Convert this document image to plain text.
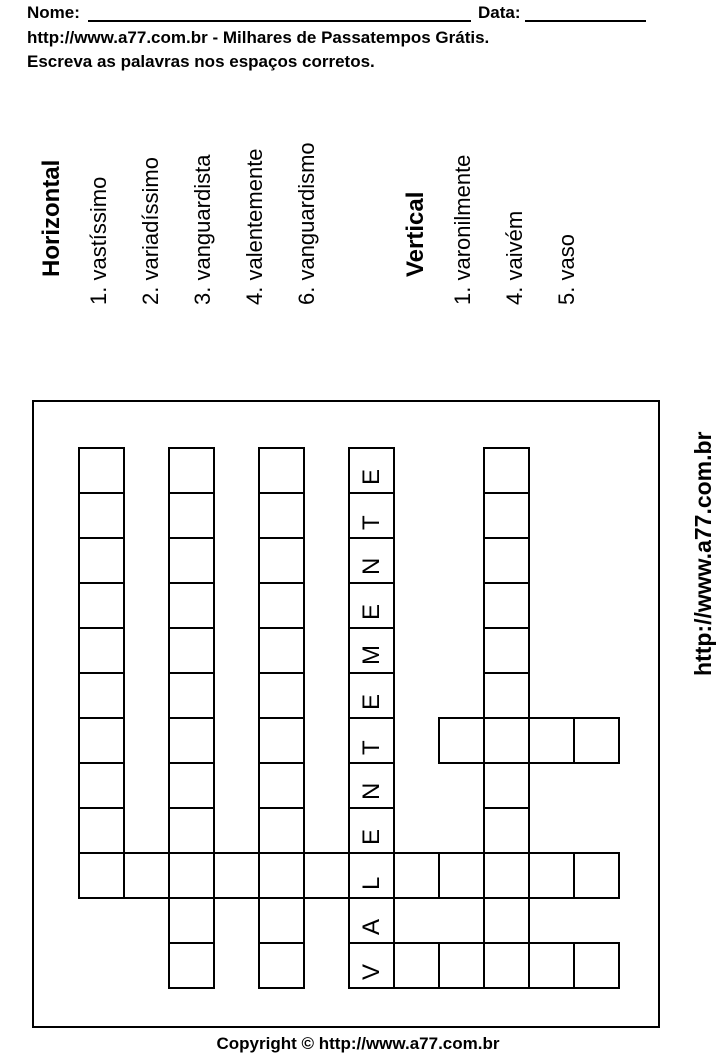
Nome:	Data:
http://www.a77.com.br - Milhares de Passatempos Grátis.
Escreva as palavras nos espaços corretos.
Horizontal 1. vastíssimo 2. variadíssimo 3. vanguardista 4. valentemente 6. vanguardismo	Vertical 1. varonilmente 4. vaivém 5. vaso
http://www.a77.com.br
E
T
N
E
M
E
T
N
E
L
A
V
Copyright © http://www.a77.com.br
